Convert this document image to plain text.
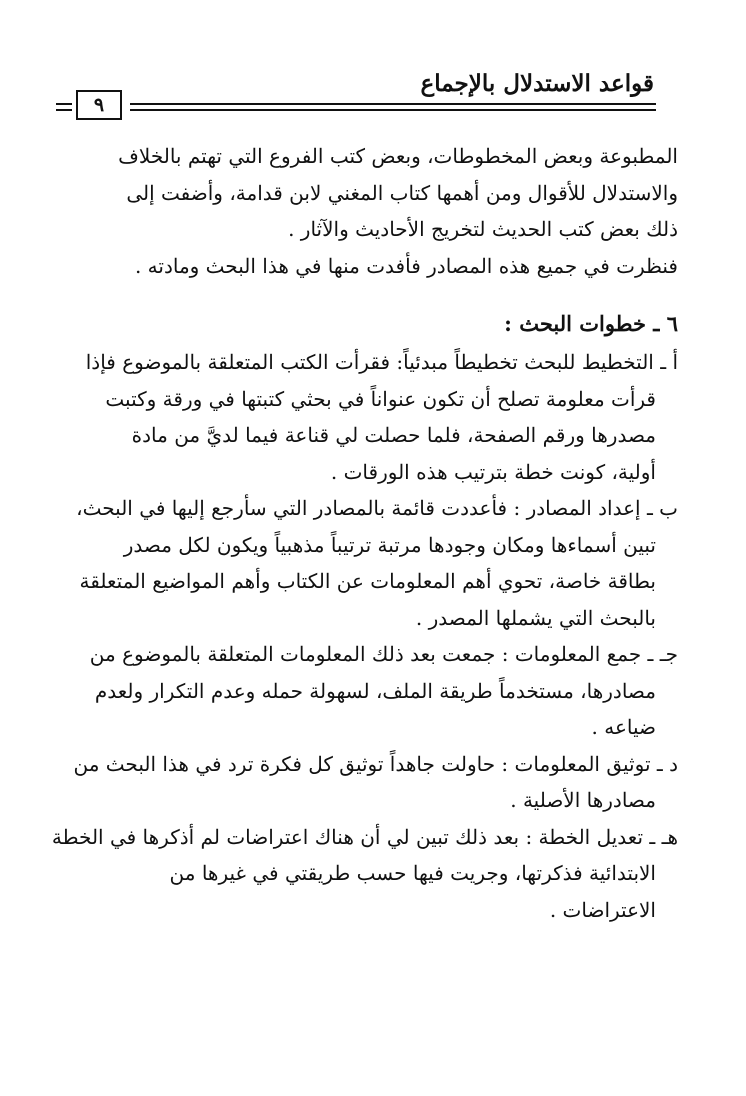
قواعد الاستدلال بالإجماع
٩
المطبوعة وبعض المخطوطات، وبعض كتب الفروع التي تهتم بالخلاف
والاستدلال للأقوال ومن أهمها كتاب المغني لابن قدامة، وأضفت إلى
ذلك بعض كتب الحديث لتخريج الأحاديث والآثار .
فنظرت في جميع هذه المصادر فأفدت منها في هذا البحث ومادته .
٦ ـ خطوات البحث :
أ ـ التخطيط للبحث تخطيطاً مبدئياً: فقرأت الكتب المتعلقة بالموضوع فإذا
قرأت معلومة تصلح أن تكون عنواناً في بحثي كتبتها في ورقة وكتبت
مصدرها ورقم الصفحة، فلما حصلت لي قناعة فيما لديَّ من مادة
أولية، كونت خطة بترتيب هذه الورقات .
ب ـ إعداد المصادر : فأعددت قائمة بالمصادر التي سأرجع إليها في البحث،
تبين أسماءها ومكان وجودها مرتبة ترتيباً مذهبياً ويكون لكل مصدر
بطاقة خاصة، تحوي أهم المعلومات عن الكتاب وأهم المواضيع المتعلقة
بالبحث التي يشملها المصدر .
جـ ـ جمع المعلومات : جمعت بعد ذلك المعلومات المتعلقة بالموضوع من
مصادرها، مستخدماً طريقة الملف، لسهولة حمله وعدم التكرار ولعدم
ضياعه .
د ـ توثيق المعلومات : حاولت جاهداً توثيق كل فكرة ترد في هذا البحث من
مصادرها الأصلية .
هـ ـ تعديل الخطة : بعد ذلك تبين لي أن هناك اعتراضات لم أذكرها في الخطة
الابتدائية فذكرتها، وجريت فيها حسب طريقتي في غيرها من
الاعتراضات .
